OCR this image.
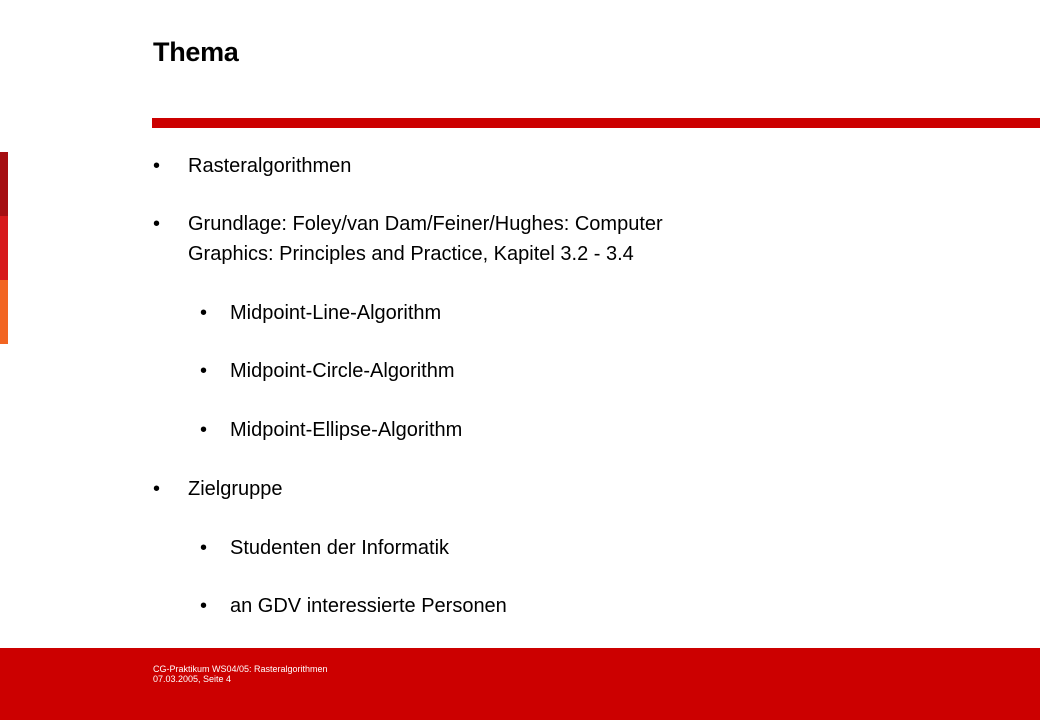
Thema
• Rasteralgorithmen
• Grundlage: Foley/van Dam/Feiner/Hughes: Computer
Graphics: Principles and Practice, Kapitel 3.2 - 3.4
• Midpoint-Line-Algorithm
• Midpoint-Circle-Algorithm
• Midpoint-Ellipse-Algorithm
• Zielgruppe
• Studenten der Informatik
• an GDV interessierte Personen
CG-Praktikum WS04/05: Rasteralgorithmen
07.03.2005, Seite 4
